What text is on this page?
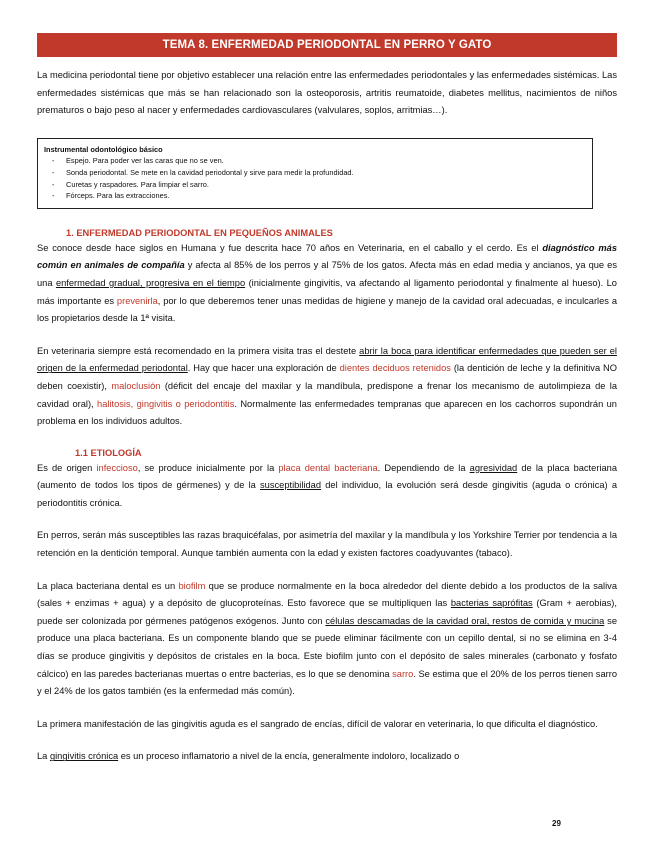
TEMA 8. ENFERMEDAD PERIODONTAL EN PERRO Y GATO

La medicina periodontal tiene por objetivo establecer una relación entre las enfermedades periodontales y las enfermedades sistémicas. Las enfermedades sistémicas que más se han relacionado son la osteoporosis, artritis reumatoide, diabetes mellitus, nacimientos de niños prematuros o bajo peso al nacer y enfermedades cardiovasculares (valvulares, soplos, arritmias…).

Instrumental odontológico básico
- Espejo. Para poder ver las caras que no se ven.
- Sonda periodontal. Se mete en la cavidad periodontal y sirve para medir la profundidad.
- Curetas y raspadores. Para limpiar el sarro.
- Fórceps. Para las extracciones.
1. ENFERMEDAD PERIODONTAL EN PEQUEÑOS ANIMALES

Se conoce desde hace siglos en Humana y fue descrita hace 70 años en Veterinaria, en el caballo y el cerdo. Es el diagnóstico más común en animales de compañía y afecta al 85% de los perros y al 75% de los gatos. Afecta más en edad media y ancianos, ya que es una enfermedad gradual, progresiva en el tiempo (inicialmente gingivitis, va afectando al ligamento periodontal y finalmente al hueso). Lo más importante es prevenirla, por lo que deberemos tener unas medidas de higiene y manejo de la cavidad oral adecuadas, e inculcarles a los propietarios desde la 1ª visita.

En veterinaria siempre está recomendado en la primera visita tras el destete abrir la boca para identificar enfermedades que pueden ser el origen de la enfermedad periodontal. Hay que hacer una exploración de dientes deciduos retenidos (la dentición de leche y la definitiva NO deben coexistir), maloclusión (déficit del encaje del maxilar y la mandíbula, predispone a frenar los mecanismo de autolimpieza de la cavidad oral), halitosis, gingivitis o periodontitis. Normalmente las enfermedades tempranas que aparecen en los cachorros supondrán un problema en los individuos adultos.

1.1 ETIOLOGÍA

Es de origen infeccioso, se produce inicialmente por la placa dental bacteriana. Dependiendo de la agresividad de la placa bacteriana (aumento de todos los tipos de gérmenes) y de la susceptibilidad del individuo, la evolución será desde gingivitis (aguda o crónica) a periodontitis crónica.

En perros, serán más susceptibles las razas braquicéfalas, por asimetría del maxilar y la mandíbula y los Yorkshire Terrier por tendencia a la retención en la dentición temporal. Aunque también aumenta con la edad y existen factores coadyuvantes (tabaco).

La placa bacteriana dental es un biofilm que se produce normalmente en la boca alrededor del diente debido a los productos de la saliva (sales + enzimas + agua) y a depósito de glucoproteínas. Esto favorece que se multipliquen las bacterias saprófitas (Gram + aerobias), puede ser colonizada por gérmenes patógenos exógenos. Junto con células descamadas de la cavidad oral, restos de comida y mucina se produce una placa bacteriana. Es un componente blando que se puede eliminar fácilmente con un cepillo dental, si no se elimina en 3-4 días se produce gingivitis y depósitos de cristales en la boca. Este biofilm junto con el depósito de sales minerales (carbonato y fosfato cálcico) en las paredes bacterianas muertas o entre bacterias, es lo que se denomina sarro. Se estima que el 20% de los perros tienen sarro y el 24% de los gatos también (es la enfermedad más común).

La primera manifestación de las gingivitis aguda es el sangrado de encías, difícil de valorar en veterinaria, lo que dificulta el diagnóstico.

La gingivitis crónica es un proceso inflamatorio a nivel de la encía, generalmente indoloro, localizado o

29
